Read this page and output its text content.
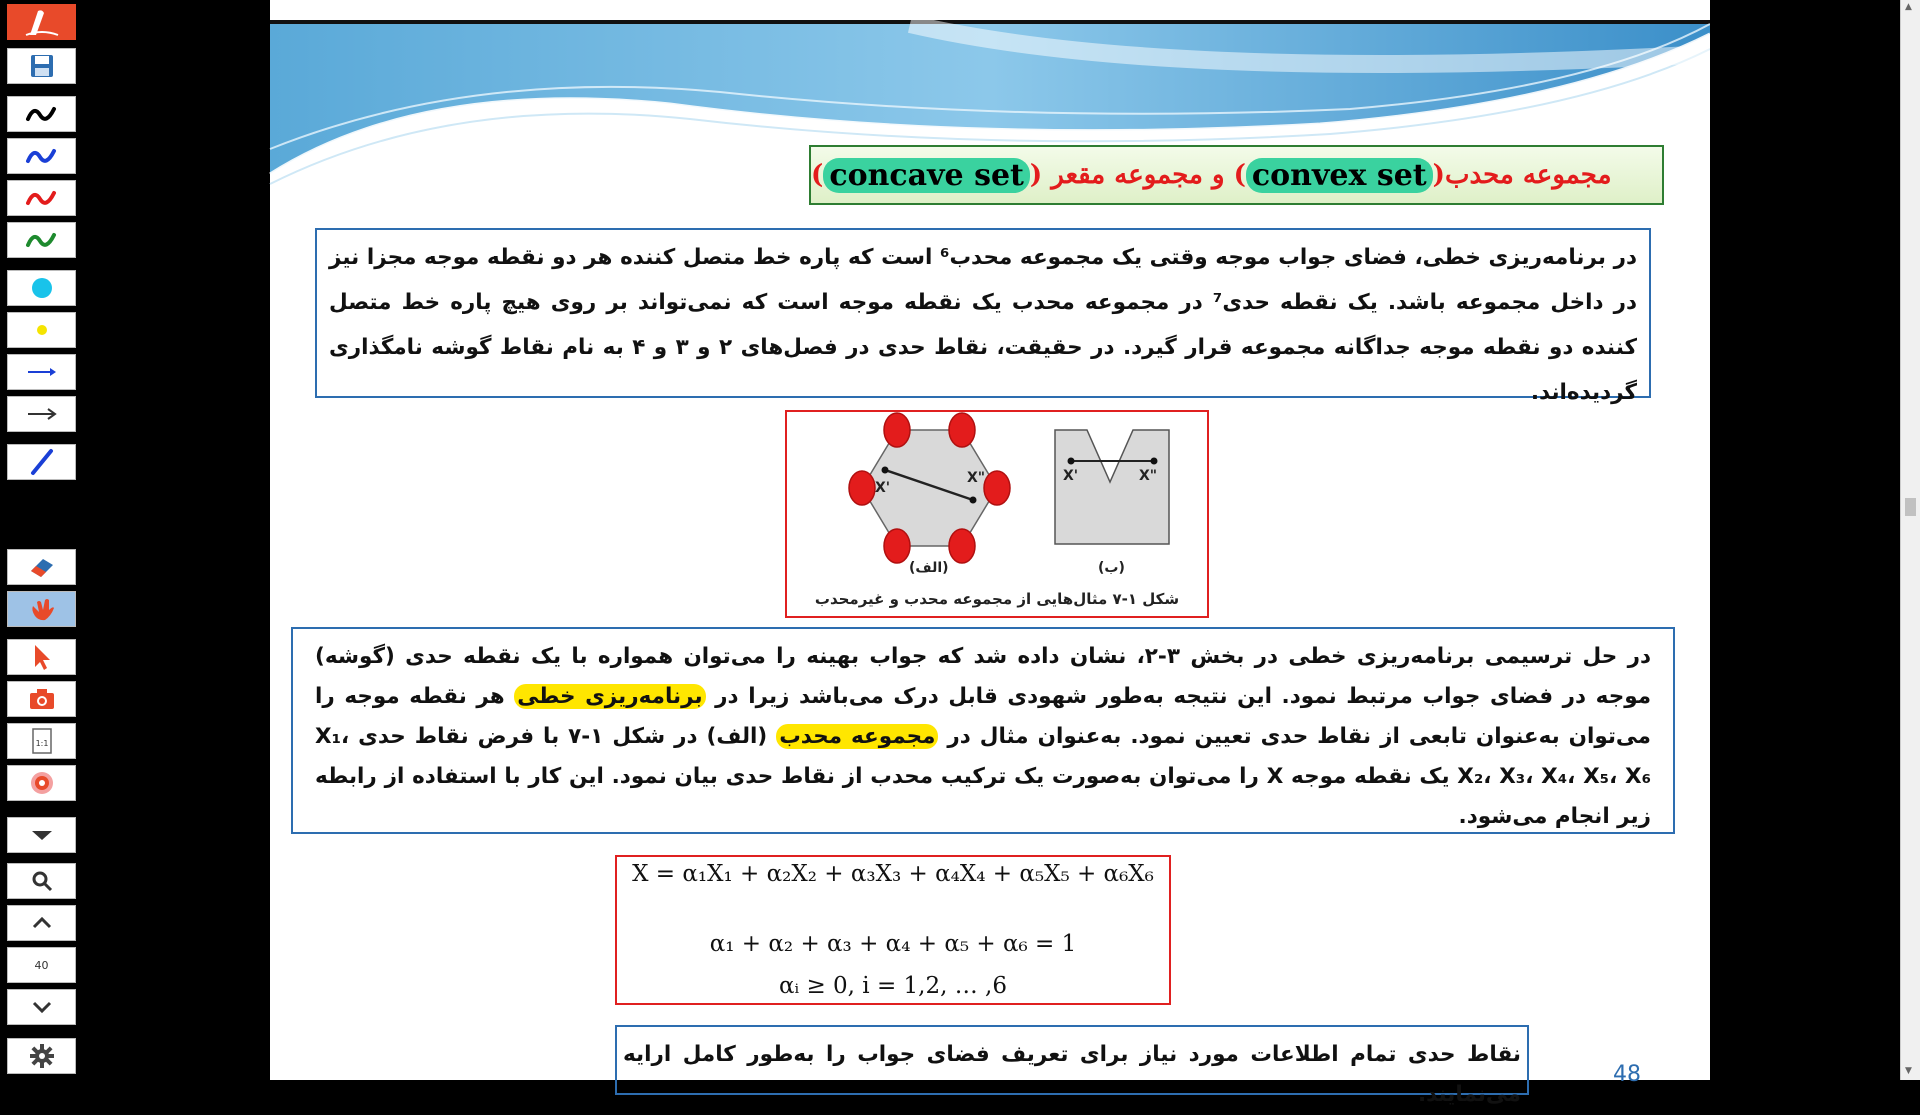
1:1
40
مجموعه محدب
(
convex set
)
و مجموعه مقعر
(
concave set
)
در برنامه‌ریزی خطی، فضای جواب موجه وقتی یک مجموعه محدب⁶ است که پاره خط متصل کننده هر دو نقطه موجه مجزا نیز در داخل مجموعه باشد. یک نقطه حدی⁷ در مجموعه محدب یک نقطه موجه است که نمی‌تواند بر روی هیچ پاره خط متصل کننده دو نقطه موجه جداگانه مجموعه قرار گیرد. در حقیقت، نقاط حدی در فصل‌های ۲ و ۳ و ۴ به نام نقاط گوشه نامگذاری گردیده‌اند.
X'
X"	X'	X"
(الف)	(ب)
شکل ۱-۷ مثال‌هایی از مجموعه محدب و غیرمحدب
در حل ترسیمی برنامه‌ریزی خطی در بخش ۳-۲، نشان داده شد که جواب بهینه را می‌توان همواره با یک نقطه حدی (گوشه) موجه در فضای جواب مرتبط نمود. این نتیجه به‌طور شهودی قابل درک می‌باشد زیرا در برنامه‌ریزی خطی هر نقطه موجه را می‌توان به‌عنوان تابعی از نقاط حدی تعیین نمود. به‌عنوان مثال در مجموعه محدب (الف) در شکل ۱-۷ با فرض نقاط حدی X₁، X₂، X₃، X₄، X₅، X₆ یک نقطه موجه X را می‌توان به‌صورت یک ترکیب محدب از نقاط حدی بیان نمود. این کار با استفاده از رابطه زیر انجام می‌شود.
X = α₁X₁ + α₂X₂ + α₃X₃ + α₄X₄ + α₅X₅ + α₆X₆
α₁ + α₂ + α₃ + α₄ + α₅ + α₆ = 1
αᵢ ≥ 0, i = 1,2, … ,6
نقاط حدی تمام اطلاعات مورد نیاز برای تعریف فضای جواب را به‌طور کامل ارایه می‌نمایند.
48
▲
▼
